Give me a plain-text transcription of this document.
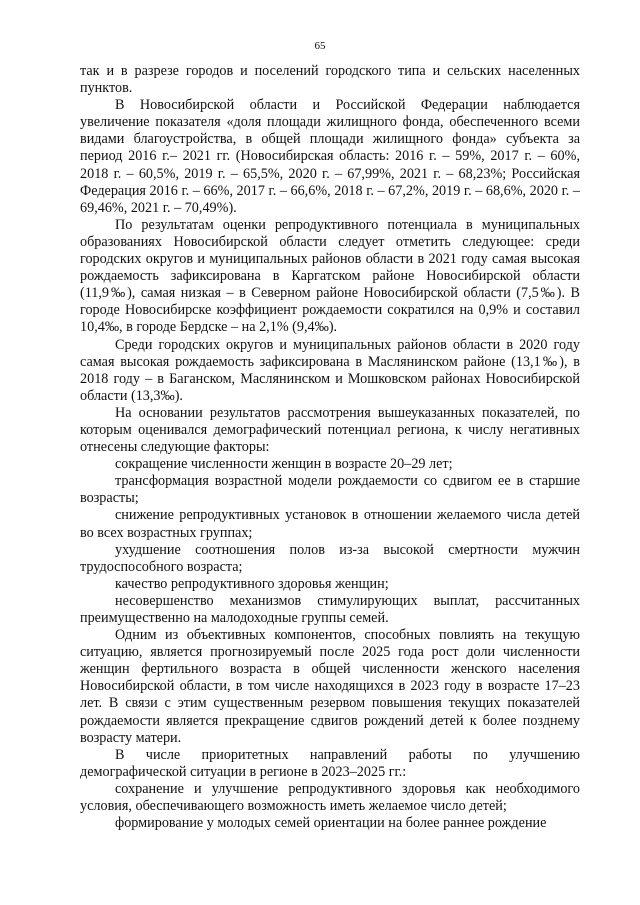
65

так и в разрезе городов и поселений городского типа и сельских населенных пунктов.

В Новосибирской области и Российской Федерации наблюдается увеличение показателя «доля площади жилищного фонда, обеспеченного всеми видами благоустройства, в общей площади жилищного фонда» субъекта за период 2016 г.– 2021 гг. (Новосибирская область: 2016 г. – 59%, 2017 г. – 60%, 2018 г. – 60,5%, 2019 г. – 65,5%, 2020 г. – 67,99%, 2021 г. – 68,23%; Российская Федерация 2016 г. – 66%, 2017 г. – 66,6%, 2018 г. – 67,2%, 2019 г. – 68,6%, 2020 г. – 69,46%, 2021 г. – 70,49%).

По результатам оценки репродуктивного потенциала в муниципальных образованиях Новосибирской области следует отметить следующее: среди городских округов и муниципальных районов области в 2021 году самая высокая рождаемость зафиксирована в Каргатском районе Новосибирской области (11,9‰), самая низкая – в Северном районе Новосибирской области (7,5‰). В городе Новосибирске коэффициент рождаемости сократился на 0,9% и составил 10,4‰, в городе Бердске – на 2,1% (9,4‰).

Среди городских округов и муниципальных районов области в 2020 году самая высокая рождаемость зафиксирована в Маслянинском районе (13,1‰), в 2018 году – в Баганском, Маслянинском и Мошковском районах Новосибирской области (13,3‰).

На основании результатов рассмотрения вышеуказанных показателей, по которым оценивался демографический потенциал региона, к числу негативных отнесены следующие факторы:

сокращение численности женщин в возрасте 20–29 лет;

трансформация возрастной модели рождаемости со сдвигом ее в старшие возрасты;

снижение репродуктивных установок в отношении желаемого числа детей во всех возрастных группах;

ухудшение соотношения полов из-за высокой смертности мужчин трудоспособного возраста;

качество репродуктивного здоровья женщин;

несовершенство механизмов стимулирующих выплат, рассчитанных преимущественно на малодоходные группы семей.

Одним из объективных компонентов, способных повлиять на текущую ситуацию, является прогнозируемый после 2025 года рост доли численности женщин фертильного возраста в общей численности женского населения Новосибирской области, в том числе находящихся в 2023 году в возрасте 17–23 лет. В связи с этим существенным резервом повышения текущих показателей рождаемости является прекращение сдвигов рождений детей к более позднему возрасту матери.

В числе приоритетных направлений работы по улучшению демографической ситуации в регионе в 2023–2025 гг.:

сохранение и улучшение репродуктивного здоровья как необходимого условия, обеспечивающего возможность иметь желаемое число детей;

формирование у молодых семей ориентации на более раннее рождение
